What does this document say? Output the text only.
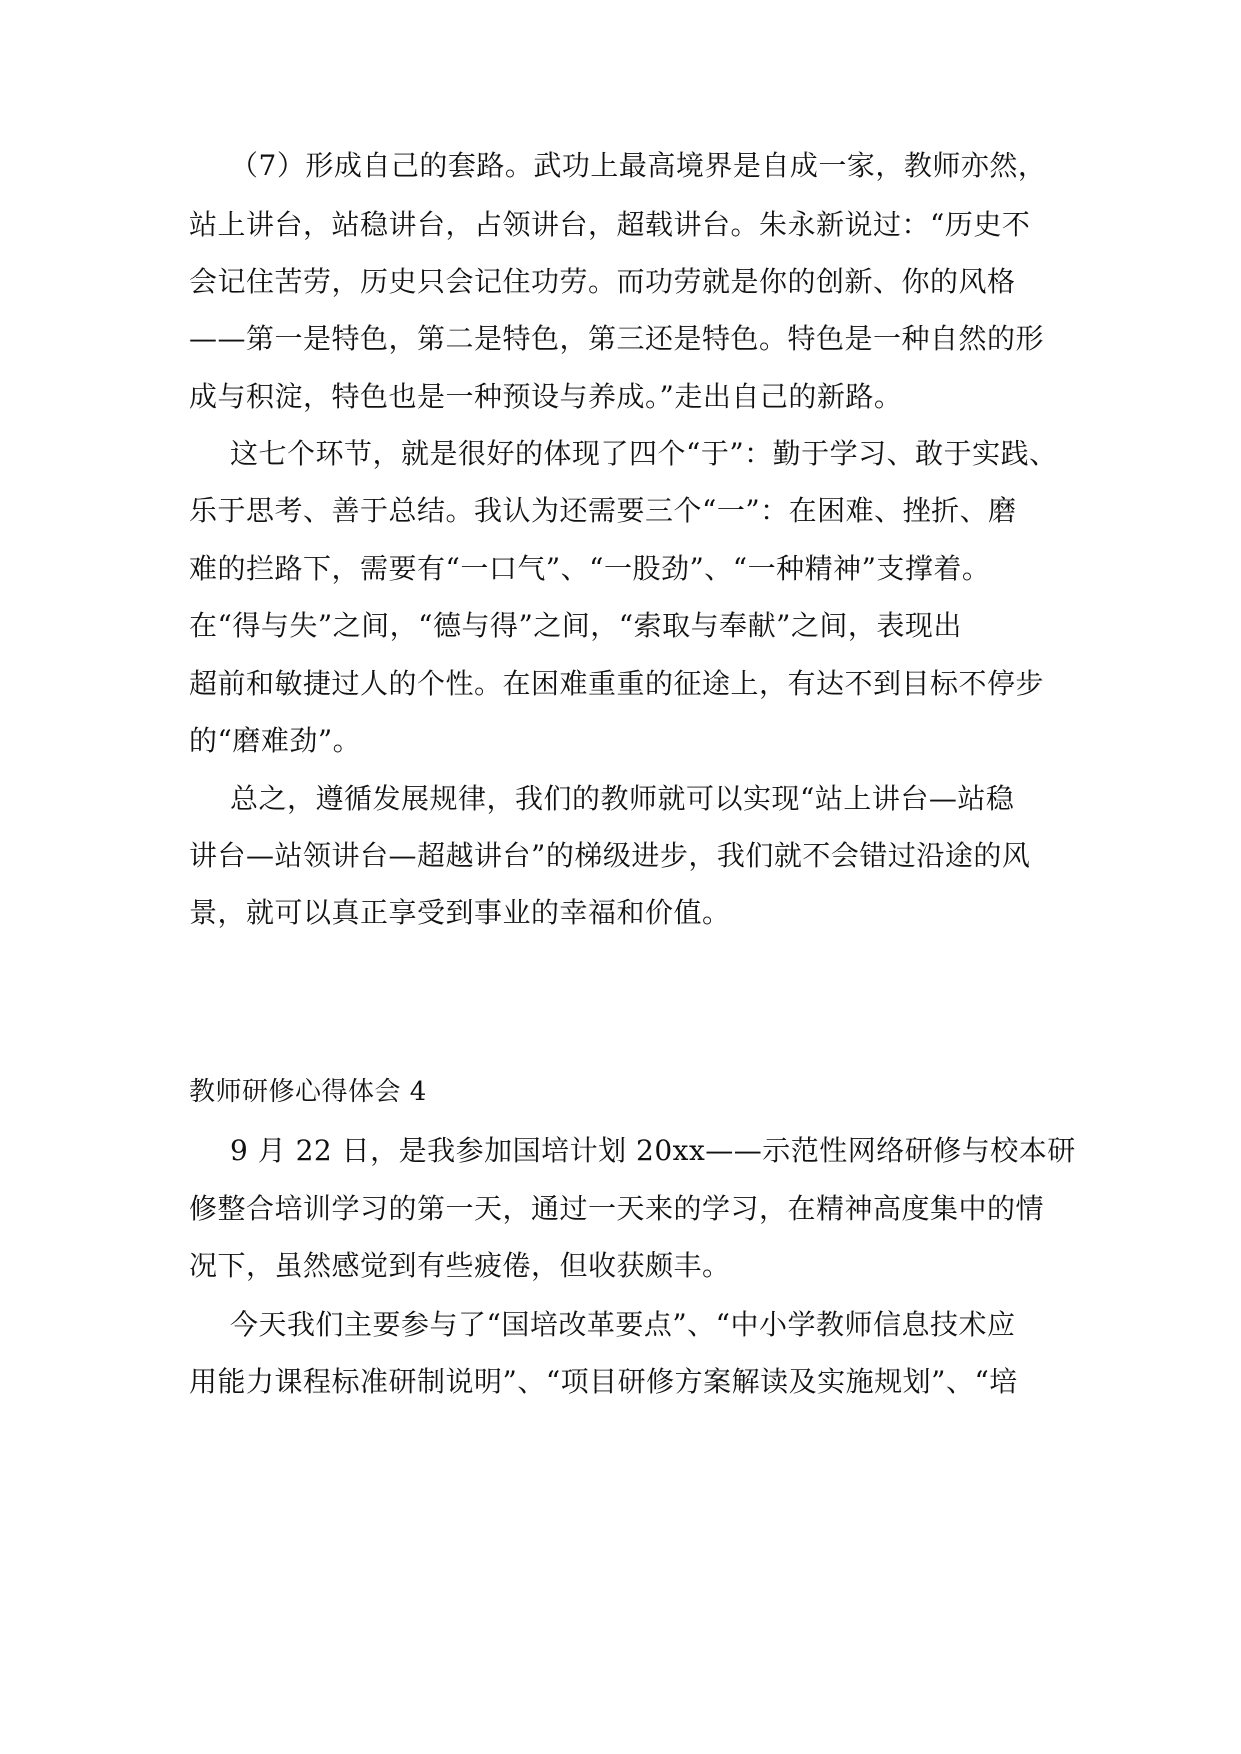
（7）形成自己的套路。武功上最高境界是自成一家，教师亦然，
站上讲台，站稳讲台，占领讲台，超载讲台。朱永新说过：“历史不
会记住苦劳，历史只会记住功劳。而功劳就是你的创新、你的风格
——第一是特色，第二是特色，第三还是特色。特色是一种自然的形
成与积淀，特色也是一种预设与养成。”走出自己的新路。
这七个环节，就是很好的体现了四个“于”：勤于学习、敢于实践、
乐于思考、善于总结。我认为还需要三个“一”：在困难、挫折、磨
难的拦路下，需要有“一口气”、“一股劲”、“一种精神”支撑着。
在“得与失”之间，“德与得”之间，“索取与奉献”之间，表现出
超前和敏捷过人的个性。在困难重重的征途上，有达不到目标不停步
的“磨难劲”。
总之，遵循发展规律，我们的教师就可以实现“站上讲台—站稳
讲台—站领讲台—超越讲台”的梯级进步，我们就不会错过沿途的风
景，就可以真正享受到事业的幸福和价值。
教师研修心得体会 4
9 月 22 日，是我参加国培计划 20xx——示范性网络研修与校本研
修整合培训学习的第一天，通过一天来的学习，在精神高度集中的情
况下，虽然感觉到有些疲倦，但收获颇丰。
今天我们主要参与了“国培改革要点”、“中小学教师信息技术应
用能力课程标准研制说明”、“项目研修方案解读及实施规划”、“培
